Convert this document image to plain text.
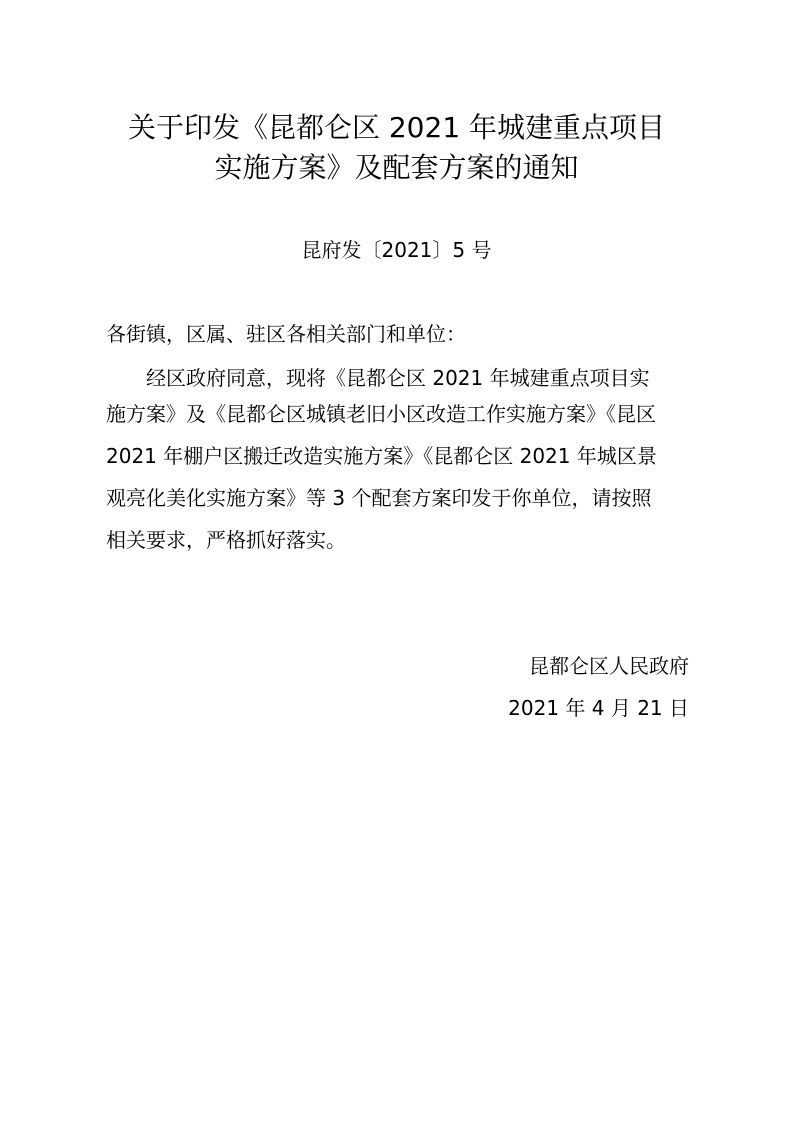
关于印发《昆都仑区 2021 年城建重点项目
实施方案》及配套方案的通知
昆府发〔2021〕5 号
各街镇，区属、驻区各相关部门和单位：
经区政府同意，现将《昆都仑区 2021 年城建重点项目实
施方案》及《昆都仑区城镇老旧小区改造工作实施方案》《昆区
2021 年棚户区搬迁改造实施方案》《昆都仑区 2021 年城区景
观亮化美化实施方案》等 3 个配套方案印发于你单位，请按照
相关要求，严格抓好落实。
昆都仑区人民政府
2021 年 4 月 21 日
